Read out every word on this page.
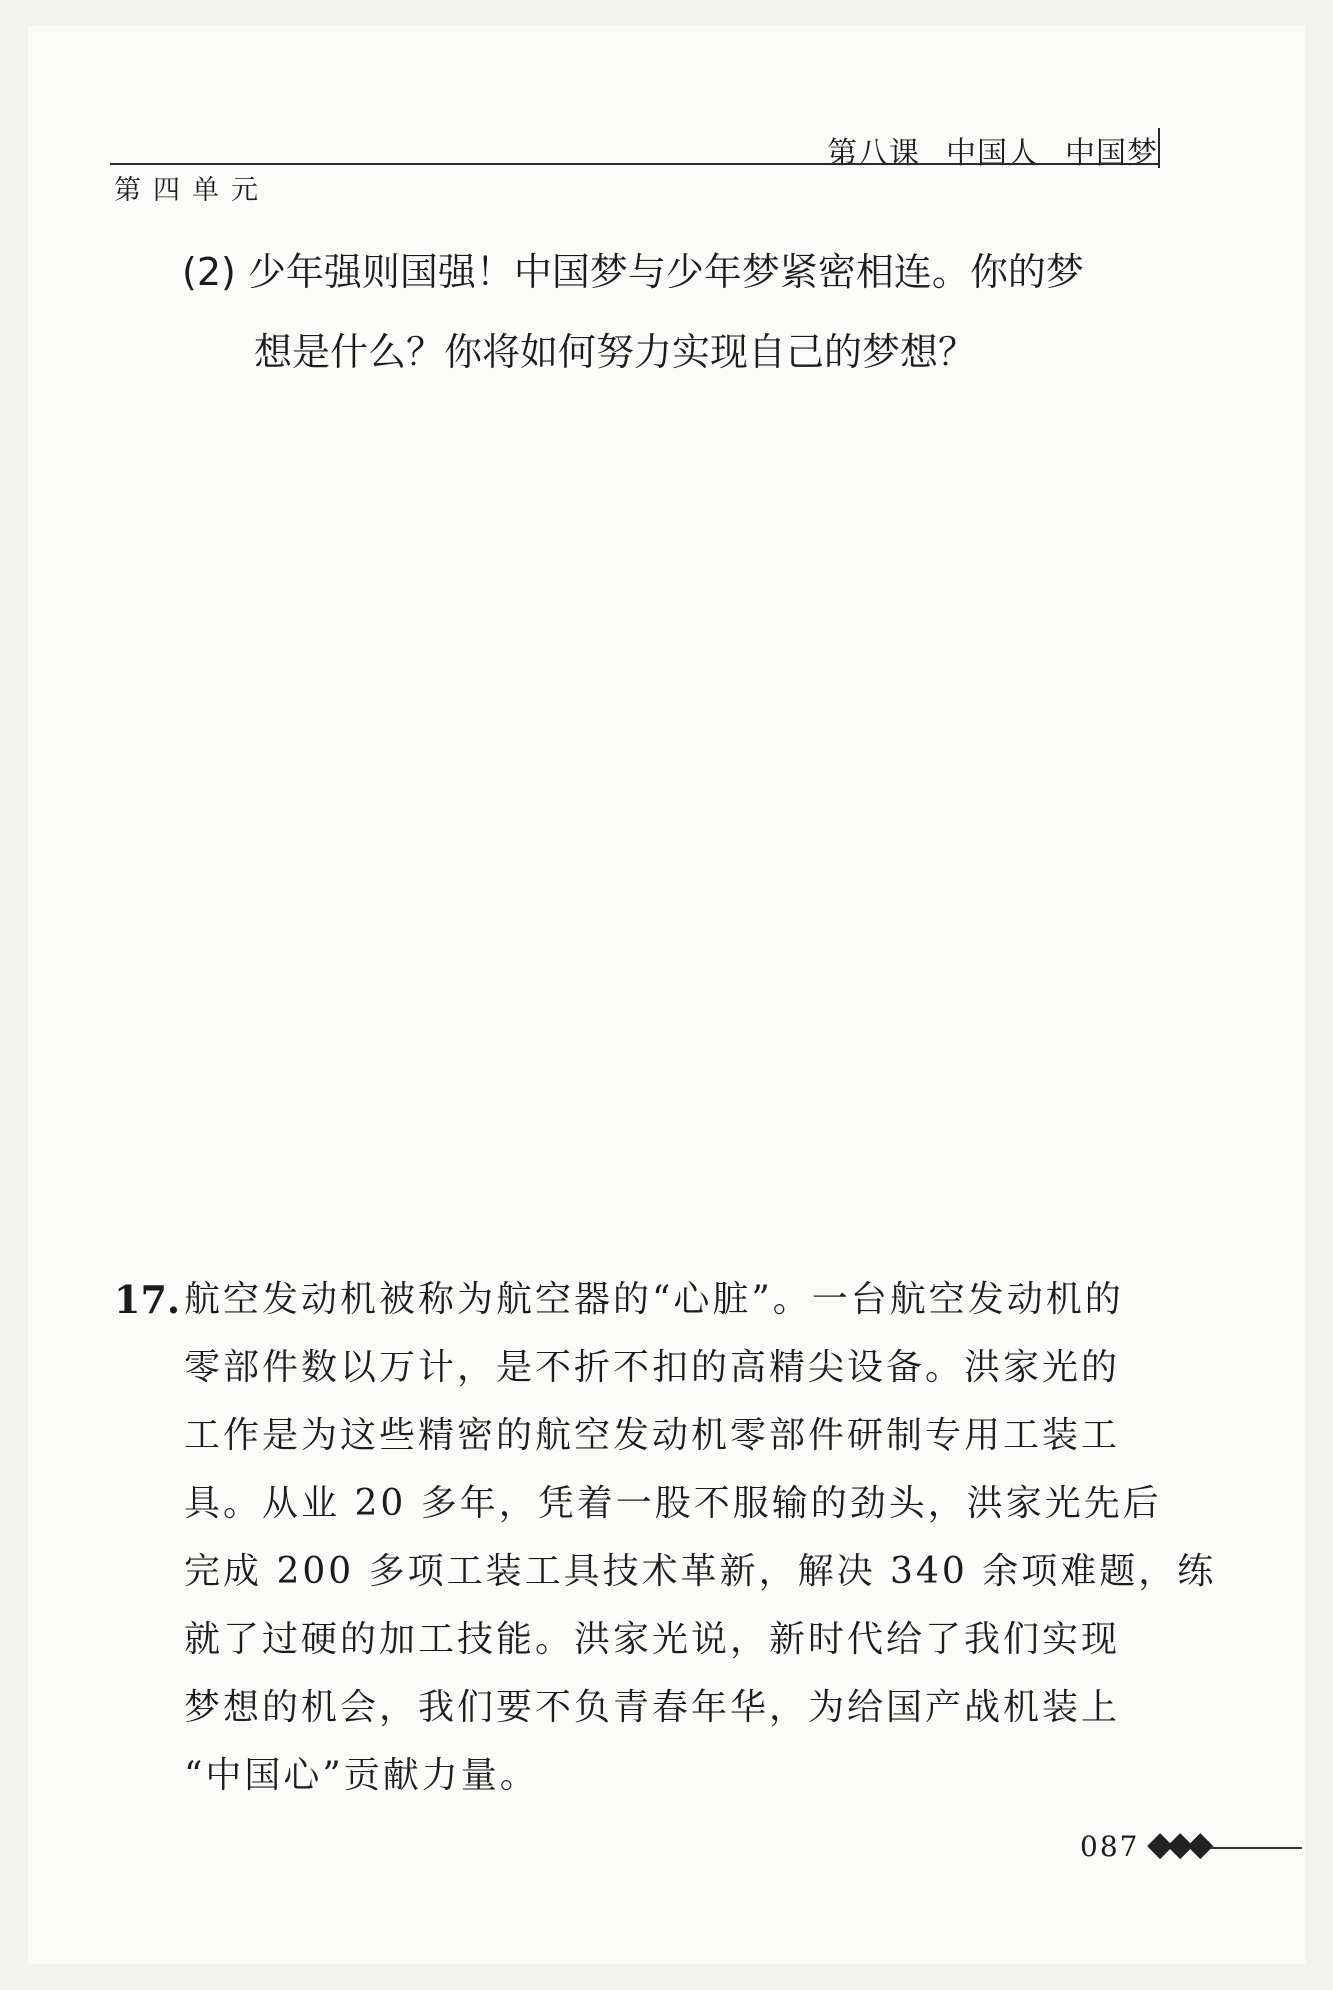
第八课 中国人 中国梦
第四单元
(2) 少年强则国强！中国梦与少年梦紧密相连。你的梦
想是什么？你将如何努力实现自己的梦想？
17. 航空发动机被称为航空器的“心脏”。一台航空发动机的
零部件数以万计，是不折不扣的高精尖设备。洪家光的
工作是为这些精密的航空发动机零部件研制专用工装工
具。从业 20 多年，凭着一股不服输的劲头，洪家光先后
完成 200 多项工装工具技术革新，解决 340 余项难题，练
就了过硬的加工技能。洪家光说，新时代给了我们实现
梦想的机会，我们要不负青春年华，为给国产战机装上
“中国心”贡献力量。
087 ◆◆◆
